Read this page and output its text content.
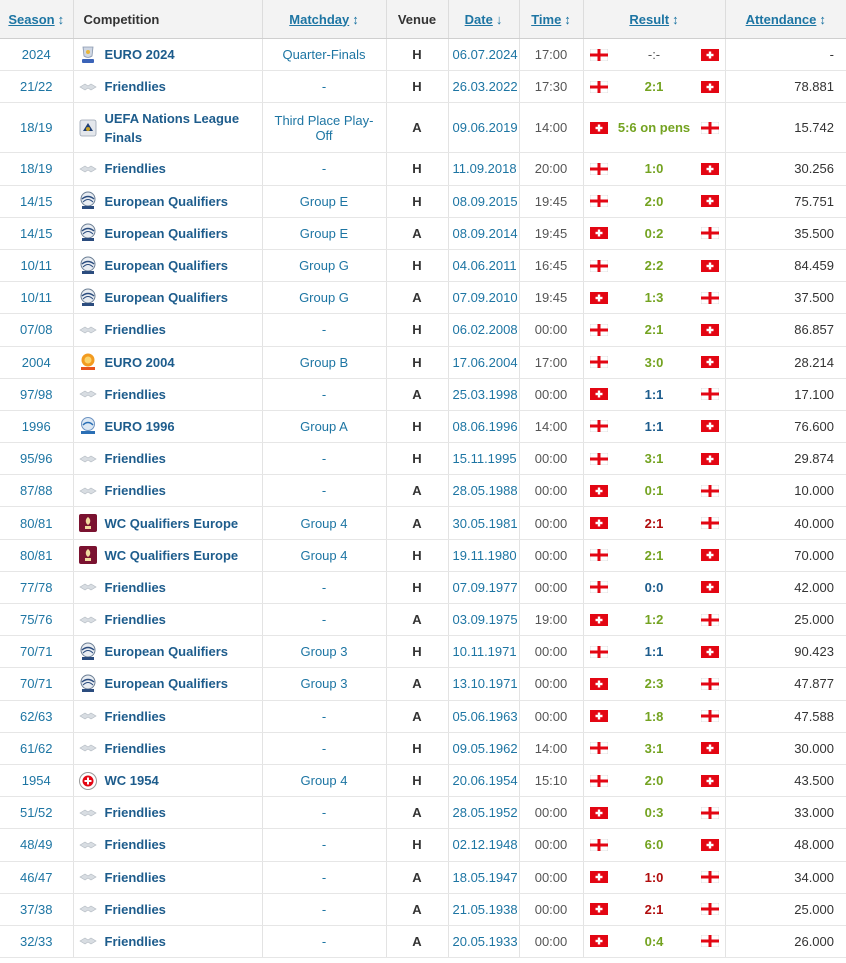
Season ↕	Competition	Matchday ↕	Venue	Date ↓	Time ↕	Result ↕	Attendance ↕
2024	EURO 2024	Quarter-Finals	H	06.07.2024	17:00	-:-	-
21/22	Friendlies	-	H	26.03.2022	17:30	2:1	78.881
18/19	UEFA Nations League Finals	Third Place Play-Off	A	09.06.2019	14:00	5:6 on pens	15.742
18/19	Friendlies	-	H	11.09.2018	20:00	1:0	30.256
14/15	European Qualifiers	Group E	H	08.09.2015	19:45	2:0	75.751
14/15	European Qualifiers	Group E	A	08.09.2014	19:45	0:2	35.500
10/11	European Qualifiers	Group G	H	04.06.2011	16:45	2:2	84.459
10/11	European Qualifiers	Group G	A	07.09.2010	19:45	1:3	37.500
07/08	Friendlies	-	H	06.02.2008	00:00	2:1	86.857
2004	EURO 2004	Group B	H	17.06.2004	17:00	3:0	28.214
97/98	Friendlies	-	A	25.03.1998	00:00	1:1	17.100
1996	EURO 1996	Group A	H	08.06.1996	14:00	1:1	76.600
95/96	Friendlies	-	H	15.11.1995	00:00	3:1	29.874
87/88	Friendlies	-	A	28.05.1988	00:00	0:1	10.000
80/81	WC Qualifiers Europe	Group 4	A	30.05.1981	00:00	2:1	40.000
80/81	WC Qualifiers Europe	Group 4	H	19.11.1980	00:00	2:1	70.000
77/78	Friendlies	-	H	07.09.1977	00:00	0:0	42.000
75/76	Friendlies	-	A	03.09.1975	19:00	1:2	25.000
70/71	European Qualifiers	Group 3	H	10.11.1971	00:00	1:1	90.423
70/71	European Qualifiers	Group 3	A	13.10.1971	00:00	2:3	47.877
62/63	Friendlies	-	A	05.06.1963	00:00	1:8	47.588
61/62	Friendlies	-	H	09.05.1962	14:00	3:1	30.000
1954	WC 1954	Group 4	H	20.06.1954	15:10	2:0	43.500
51/52	Friendlies	-	A	28.05.1952	00:00	0:3	33.000
48/49	Friendlies	-	H	02.12.1948	00:00	6:0	48.000
46/47	Friendlies	-	A	18.05.1947	00:00	1:0	34.000
37/38	Friendlies	-	A	21.05.1938	00:00	2:1	25.000
32/33	Friendlies	-	A	20.05.1933	00:00	0:4	26.000
